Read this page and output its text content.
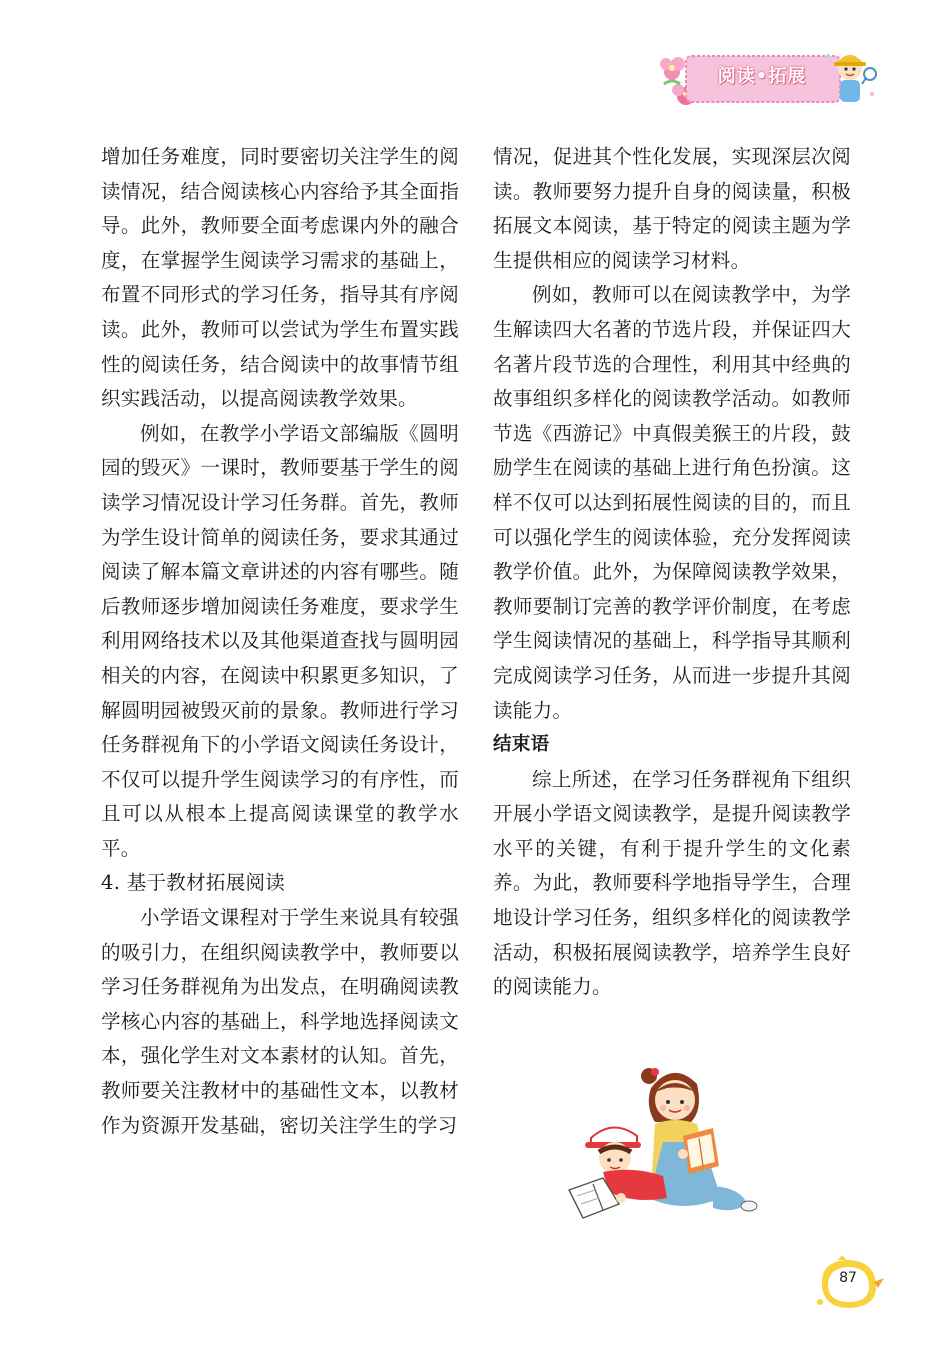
阅读•拓展

增加任务难度，同时要密切关注学生的阅读情况，结合阅读核心内容给予其全面指导。此外，教师要全面考虑课内外的融合度，在掌握学生阅读学习需求的基础上，布置不同形式的学习任务，指导其有序阅读。此外，教师可以尝试为学生布置实践性的阅读任务，结合阅读中的故事情节组织实践活动，以提高阅读教学效果。

例如，在教学小学语文部编版《圆明园的毁灭》一课时，教师要基于学生的阅读学习情况设计学习任务群。首先，教师为学生设计简单的阅读任务，要求其通过阅读了解本篇文章讲述的内容有哪些。随后教师逐步增加阅读任务难度，要求学生利用网络技术以及其他渠道查找与圆明园相关的内容，在阅读中积累更多知识，了解圆明园被毁灭前的景象。教师进行学习任务群视角下的小学语文阅读任务设计，不仅可以提升学生阅读学习的有序性，而且可以从根本上提高阅读课堂的教学水平。

4. 基于教材拓展阅读

小学语文课程对于学生来说具有较强的吸引力，在组织阅读教学中，教师要以学习任务群视角为出发点，在明确阅读教学核心内容的基础上，科学地选择阅读文本，强化学生对文本素材的认知。首先，教师要关注教材中的基础性文本，以教材作为资源开发基础，密切关注学生的学习

情况，促进其个性化发展，实现深层次阅读。教师要努力提升自身的阅读量，积极拓展文本阅读，基于特定的阅读主题为学生提供相应的阅读学习材料。

例如，教师可以在阅读教学中，为学生解读四大名著的节选片段，并保证四大名著片段节选的合理性，利用其中经典的故事组织多样化的阅读教学活动。如教师节选《西游记》中真假美猴王的片段，鼓励学生在阅读的基础上进行角色扮演。这样不仅可以达到拓展性阅读的目的，而且可以强化学生的阅读体验，充分发挥阅读教学价值。此外，为保障阅读教学效果，教师要制订完善的教学评价制度，在考虑学生阅读情况的基础上，科学指导其顺利完成阅读学习任务，从而进一步提升其阅读能力。

结束语

综上所述，在学习任务群视角下组织开展小学语文阅读教学，是提升阅读教学水平的关键，有利于提升学生的文化素养。为此，教师要科学地指导学生，合理地设计学习任务，组织多样化的阅读教学活动，积极拓展阅读教学，培养学生良好的阅读能力。

87
